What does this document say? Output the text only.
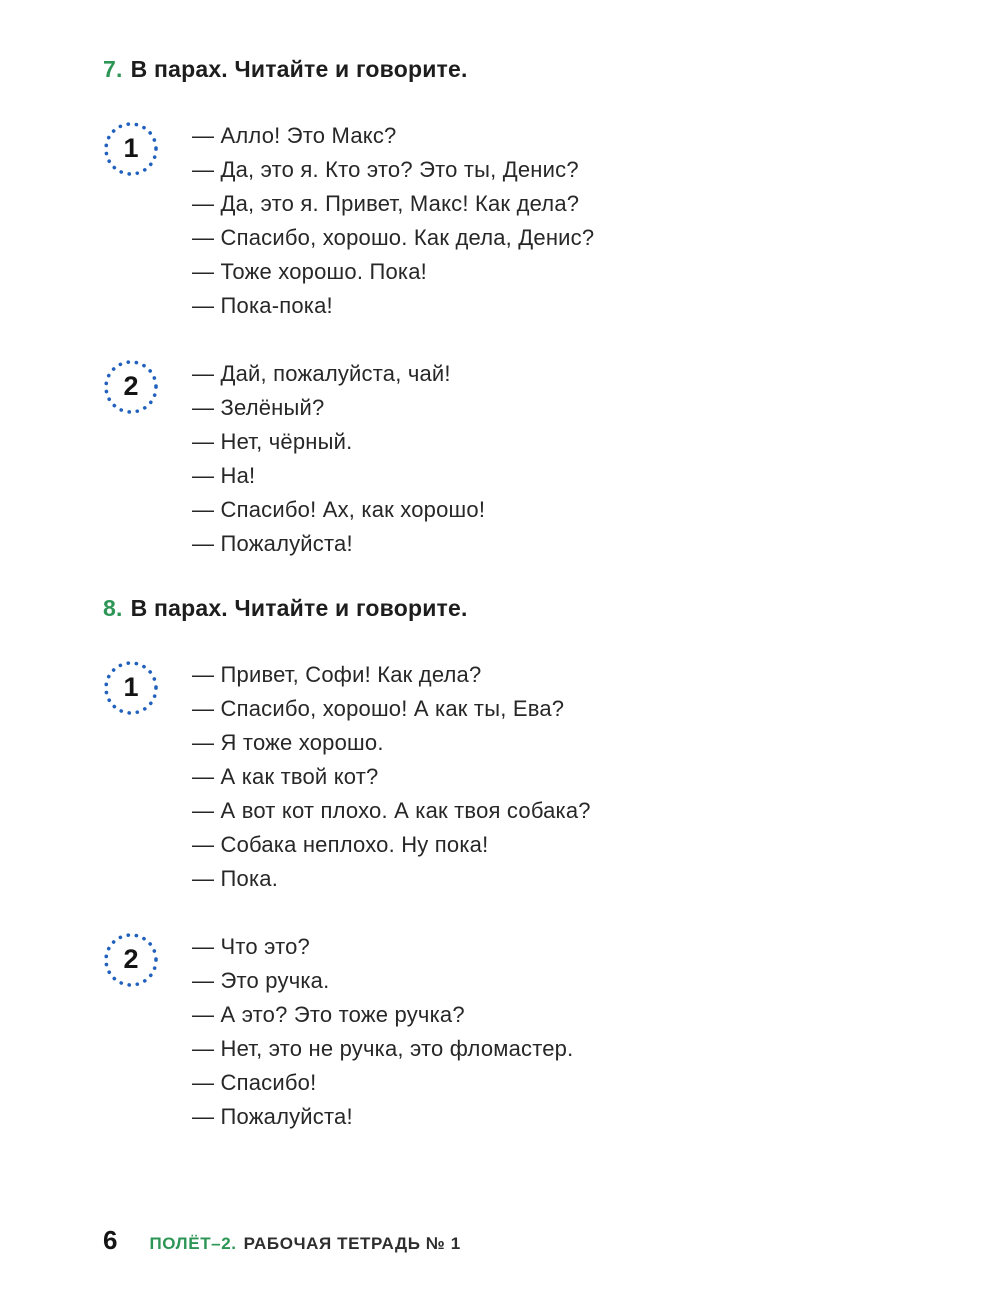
7. В парах. Читайте и говорите.
1	— Алло! Это Макс?

— Да, это я. Кто это? Это ты, Денис?

— Да, это я. Привет, Макс! Как дела?

— Спасибо, хорошо. Как дела, Денис?

— Тоже хорошо. Пока!

— Пока-пока!

2	— Дай, пожалуйста, чай!

— Зелёный?

— Нет, чёрный.

— На!

— Спасибо! Ах, как хорошо!

— Пожалуйста!

8. В парах. Читайте и говорите.
1	— Привет, Софи! Как дела?

— Спасибо, хорошо! А как ты, Ева?

— Я тоже хорошо.

— А как твой кот?

— А вот кот плохо. А как твоя собака?

— Собака неплохо. Ну пока!

— Пока.

2	— Что это?

— Это ручка.

— А это? Это тоже ручка?

— Нет, это не ручка, это фломастер.

— Спасибо!

— Пожалуйста!

6 ПОЛЁТ–2. РАБОЧАЯ ТЕТРАДЬ № 1
